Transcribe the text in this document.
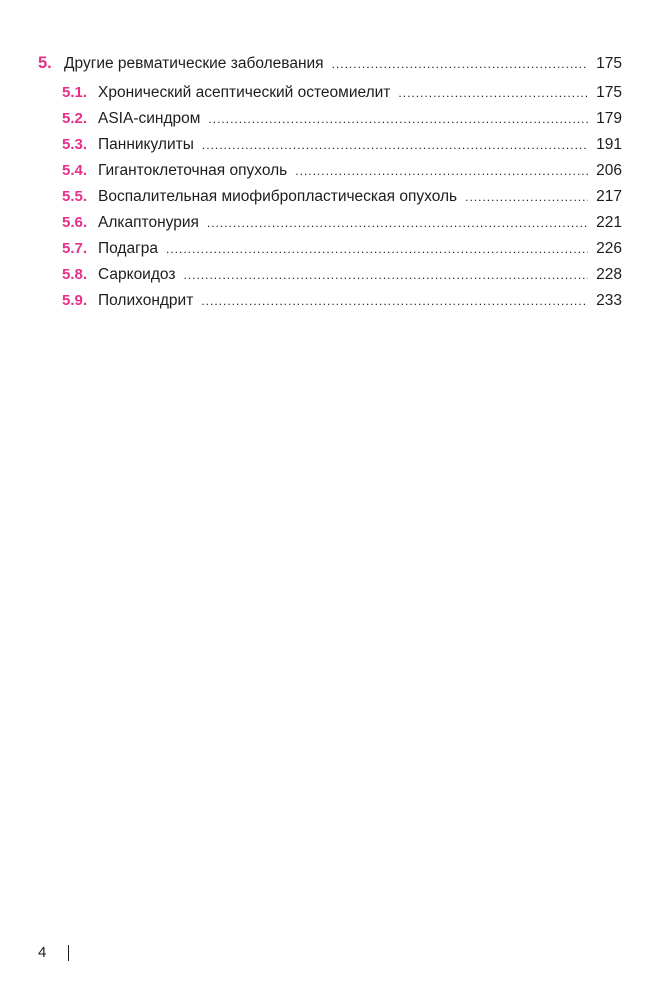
5. Другие ревматические заболевания .....	175
5.1. Хронический асептический остеомиелит .....	175
5.2. ASIA-синдром .....	179
5.3. Панникулиты .....	191
5.4. Гигантоклеточная опухоль .....	206
5.5. Воспалительная миофибропластическая опухоль .....	217
5.6. Алкаптонурия .....	221
5.7. Подагра .....	226
5.8. Саркоидоз .....	228
5.9. Полихондрит .....	233
4
